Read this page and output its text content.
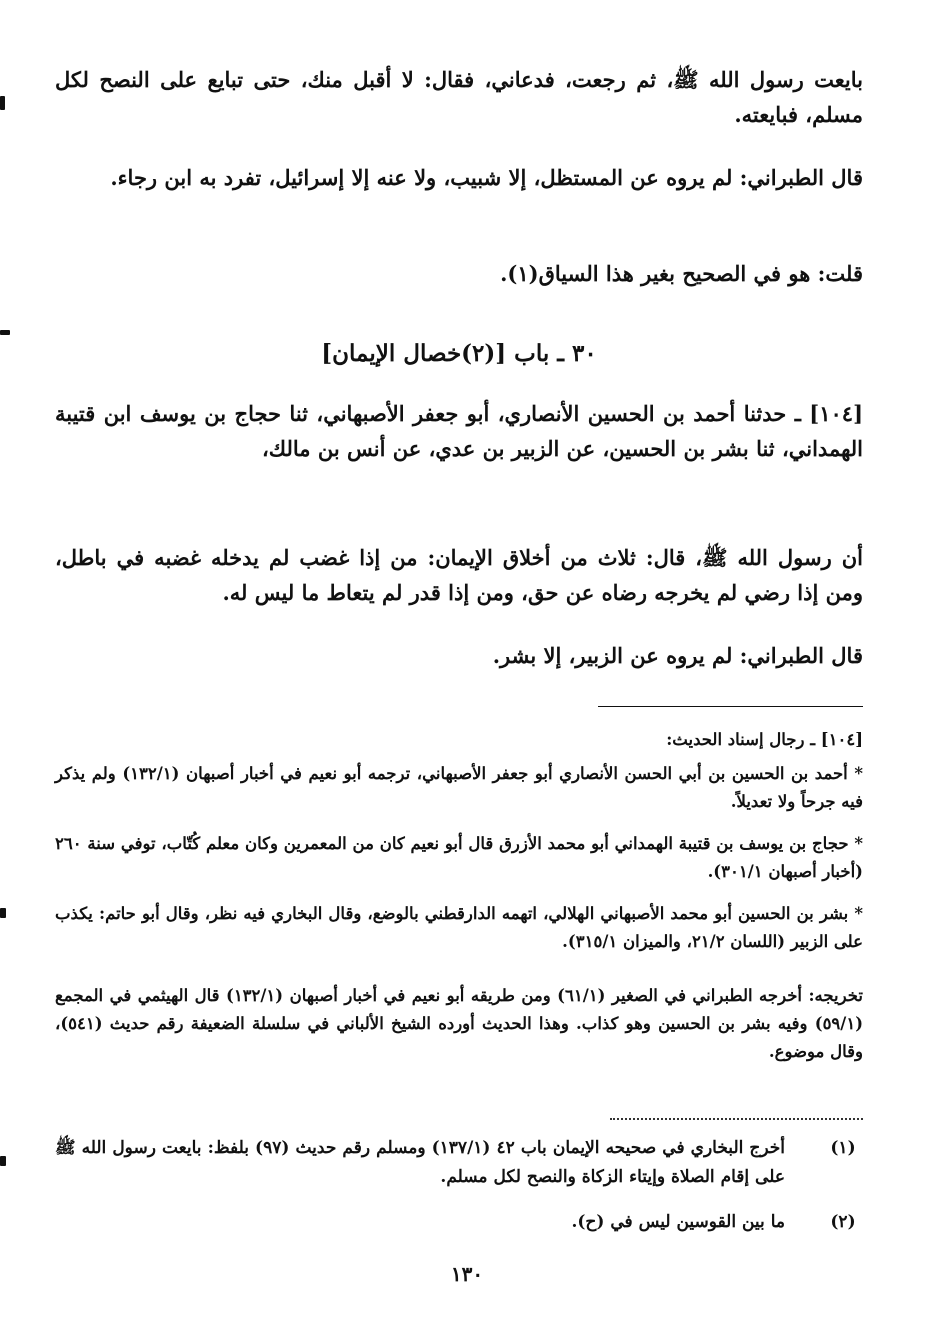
بايعت رسول الله ﷺ، ثم رجعت، فدعاني، فقال: لا أقبل منك، حتى تبايع على النصح لكل مسلم، فبايعته.
قال الطبراني: لم يروه عن المستظل، إلا شبيب، ولا عنه إلا إسرائيل، تفرد به ابن رجاء.
قلت: هو في الصحيح بغير هذا السياق(١).
٣٠ ـ باب [(٢)خصال الإيمان]
[١٠٤] ـ حدثنا أحمد بن الحسين الأنصاري، أبو جعفر الأصبهاني، ثنا حجاج بن يوسف ابن قتيبة الهمداني، ثنا بشر بن الحسين، عن الزبير بن عدي، عن أنس بن مالك،
أن رسول الله ﷺ، قال: ثلاث من أخلاق الإيمان: من إذا غضب لم يدخله غضبه في باطل، ومن إذا رضي لم يخرجه رضاه عن حق، ومن إذا قدر لم يتعاط ما ليس له.
قال الطبراني: لم يروه عن الزبير، إلا بشر.
[١٠٤] ـ رجال إسناد الحديث:
* أحمد بن الحسين بن أبي الحسن الأنصاري أبو جعفر الأصبهاني، ترجمه أبو نعيم في أخبار أصبهان (١٣٢/١) ولم يذكر فيه جرحاً ولا تعديلاً.
* حجاج بن يوسف بن قتيبة الهمداني أبو محمد الأزرق قال أبو نعيم كان من المعمرين وكان معلم كُتّاب، توفي سنة ٢٦٠ (أخبار أصبهان ٣٠١/١).
* بشر بن الحسين أبو محمد الأصبهاني الهلالي، اتهمه الدارقطني بالوضع، وقال البخاري فيه نظر، وقال أبو حاتم: يكذب على الزبير (اللسان ٢١/٢، والميزان ٣١٥/١).
تخريجه: أخرجه الطبراني في الصغير (٦١/١) ومن طريقه أبو نعيم في أخبار أصبهان (١٣٢/١) قال الهيثمي في المجمع (٥٩/١) وفيه بشر بن الحسين وهو كذاب. وهذا الحديث أورده الشيخ الألباني في سلسلة الضعيفة رقم حديث (٥٤١)، وقال موضوع.
(١)
أخرج البخاري في صحيحه الإيمان باب ٤٢ (١٣٧/١) ومسلم رقم حديث (٩٧) بلفظ: بايعت رسول الله ﷺ على إقام الصلاة وإيتاء الزكاة والنصح لكل مسلم.
(٢)
ما بين القوسين ليس في (ح).
١٣٠
